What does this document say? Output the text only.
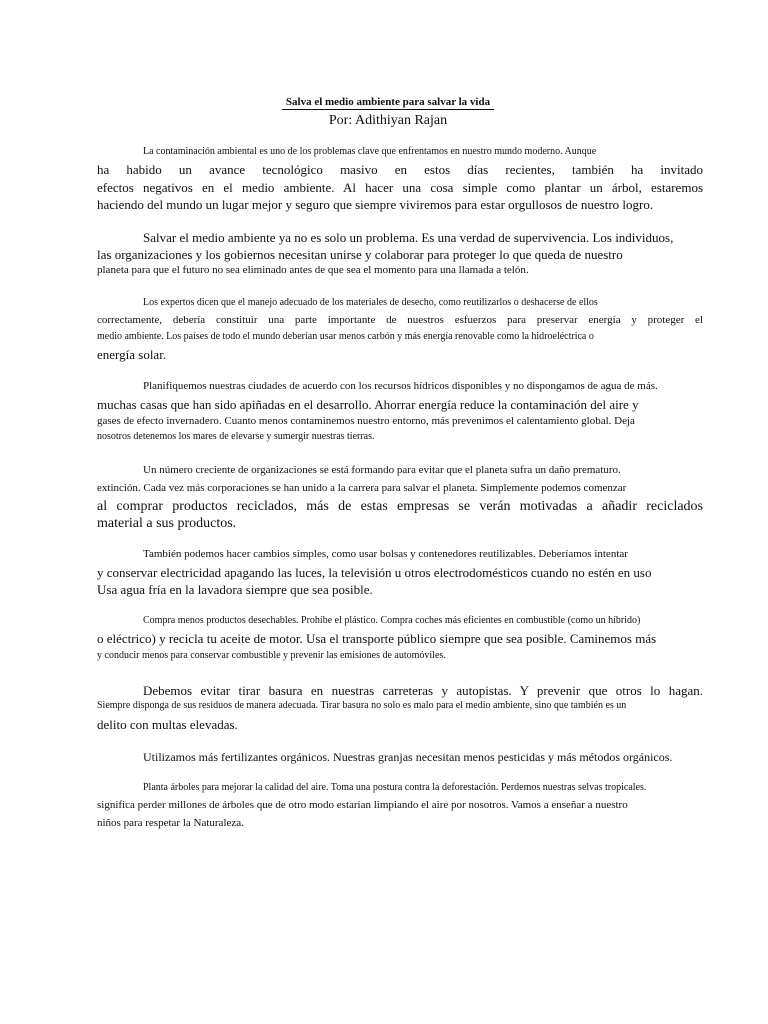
Salva el medio ambiente para salvar la vida
Por: Adithiyan Rajan

La contaminación ambiental es uno de los problemas clave que enfrentamos en nuestro mundo moderno. Aunque

ha habido un avance tecnológico masivo en estos días recientes, también ha invitado

efectos negativos en el medio ambiente. Al hacer una cosa simple como plantar un árbol, estaremos

haciendo del mundo un lugar mejor y seguro que siempre viviremos para estar orgullosos de nuestro logro.

Salvar el medio ambiente ya no es solo un problema. Es una verdad de supervivencia. Los individuos,

las organizaciones y los gobiernos necesitan unirse y colaborar para proteger lo que queda de nuestro

planeta para que el futuro no sea eliminado antes de que sea el momento para una llamada a telón.

Los expertos dicen que el manejo adecuado de los materiales de desecho, como reutilizarlos o deshacerse de ellos

correctamente, debería constituir una parte importante de nuestros esfuerzos para preservar energía y proteger el

medio ambiente. Los países de todo el mundo deberían usar menos carbón y más energía renovable como la hidroeléctrica o

energía solar.

Planifiquemos nuestras ciudades de acuerdo con los recursos hídricos disponibles y no dispongamos de agua de más.

muchas casas que han sido apiñadas en el desarrollo. Ahorrar energía reduce la contaminación del aire y

gases de efecto invernadero. Cuanto menos contaminemos nuestro entorno, más prevenimos el calentamiento global. Deja

nosotros detenemos los mares de elevarse y sumergir nuestras tierras.

Un número creciente de organizaciones se está formando para evitar que el planeta sufra un daño prematuro.

extinción. Cada vez más corporaciones se han unido a la carrera para salvar el planeta. Simplemente podemos comenzar

al comprar productos reciclados, más de estas empresas se verán motivadas a añadir reciclados

material a sus productos.

También podemos hacer cambios simples, como usar bolsas y contenedores reutilizables. Deberíamos intentar

y conservar electricidad apagando las luces, la televisión u otros electrodomésticos cuando no estén en uso

Usa agua fría en la lavadora siempre que sea posible.

Compra menos productos desechables. Prohíbe el plástico. Compra coches más eficientes en combustible (como un híbrido)

o eléctrico) y recicla tu aceite de motor. Usa el transporte público siempre que sea posible. Caminemos más

y conducir menos para conservar combustible y prevenir las emisiones de automóviles.

Debemos evitar tirar basura en nuestras carreteras y autopistas. Y prevenir que otros lo hagan.

Siempre disponga de sus residuos de manera adecuada. Tirar basura no solo es malo para el medio ambiente, sino que también es un

delito con multas elevadas.

Utilizamos más fertilizantes orgánicos. Nuestras granjas necesitan menos pesticidas y más métodos orgánicos.

Planta árboles para mejorar la calidad del aire. Toma una postura contra la deforestación. Perdemos nuestras selvas tropicales.

significa perder millones de árboles que de otro modo estarían limpiando el aire por nosotros. Vamos a enseñar a nuestro

niños para respetar la Naturaleza.
